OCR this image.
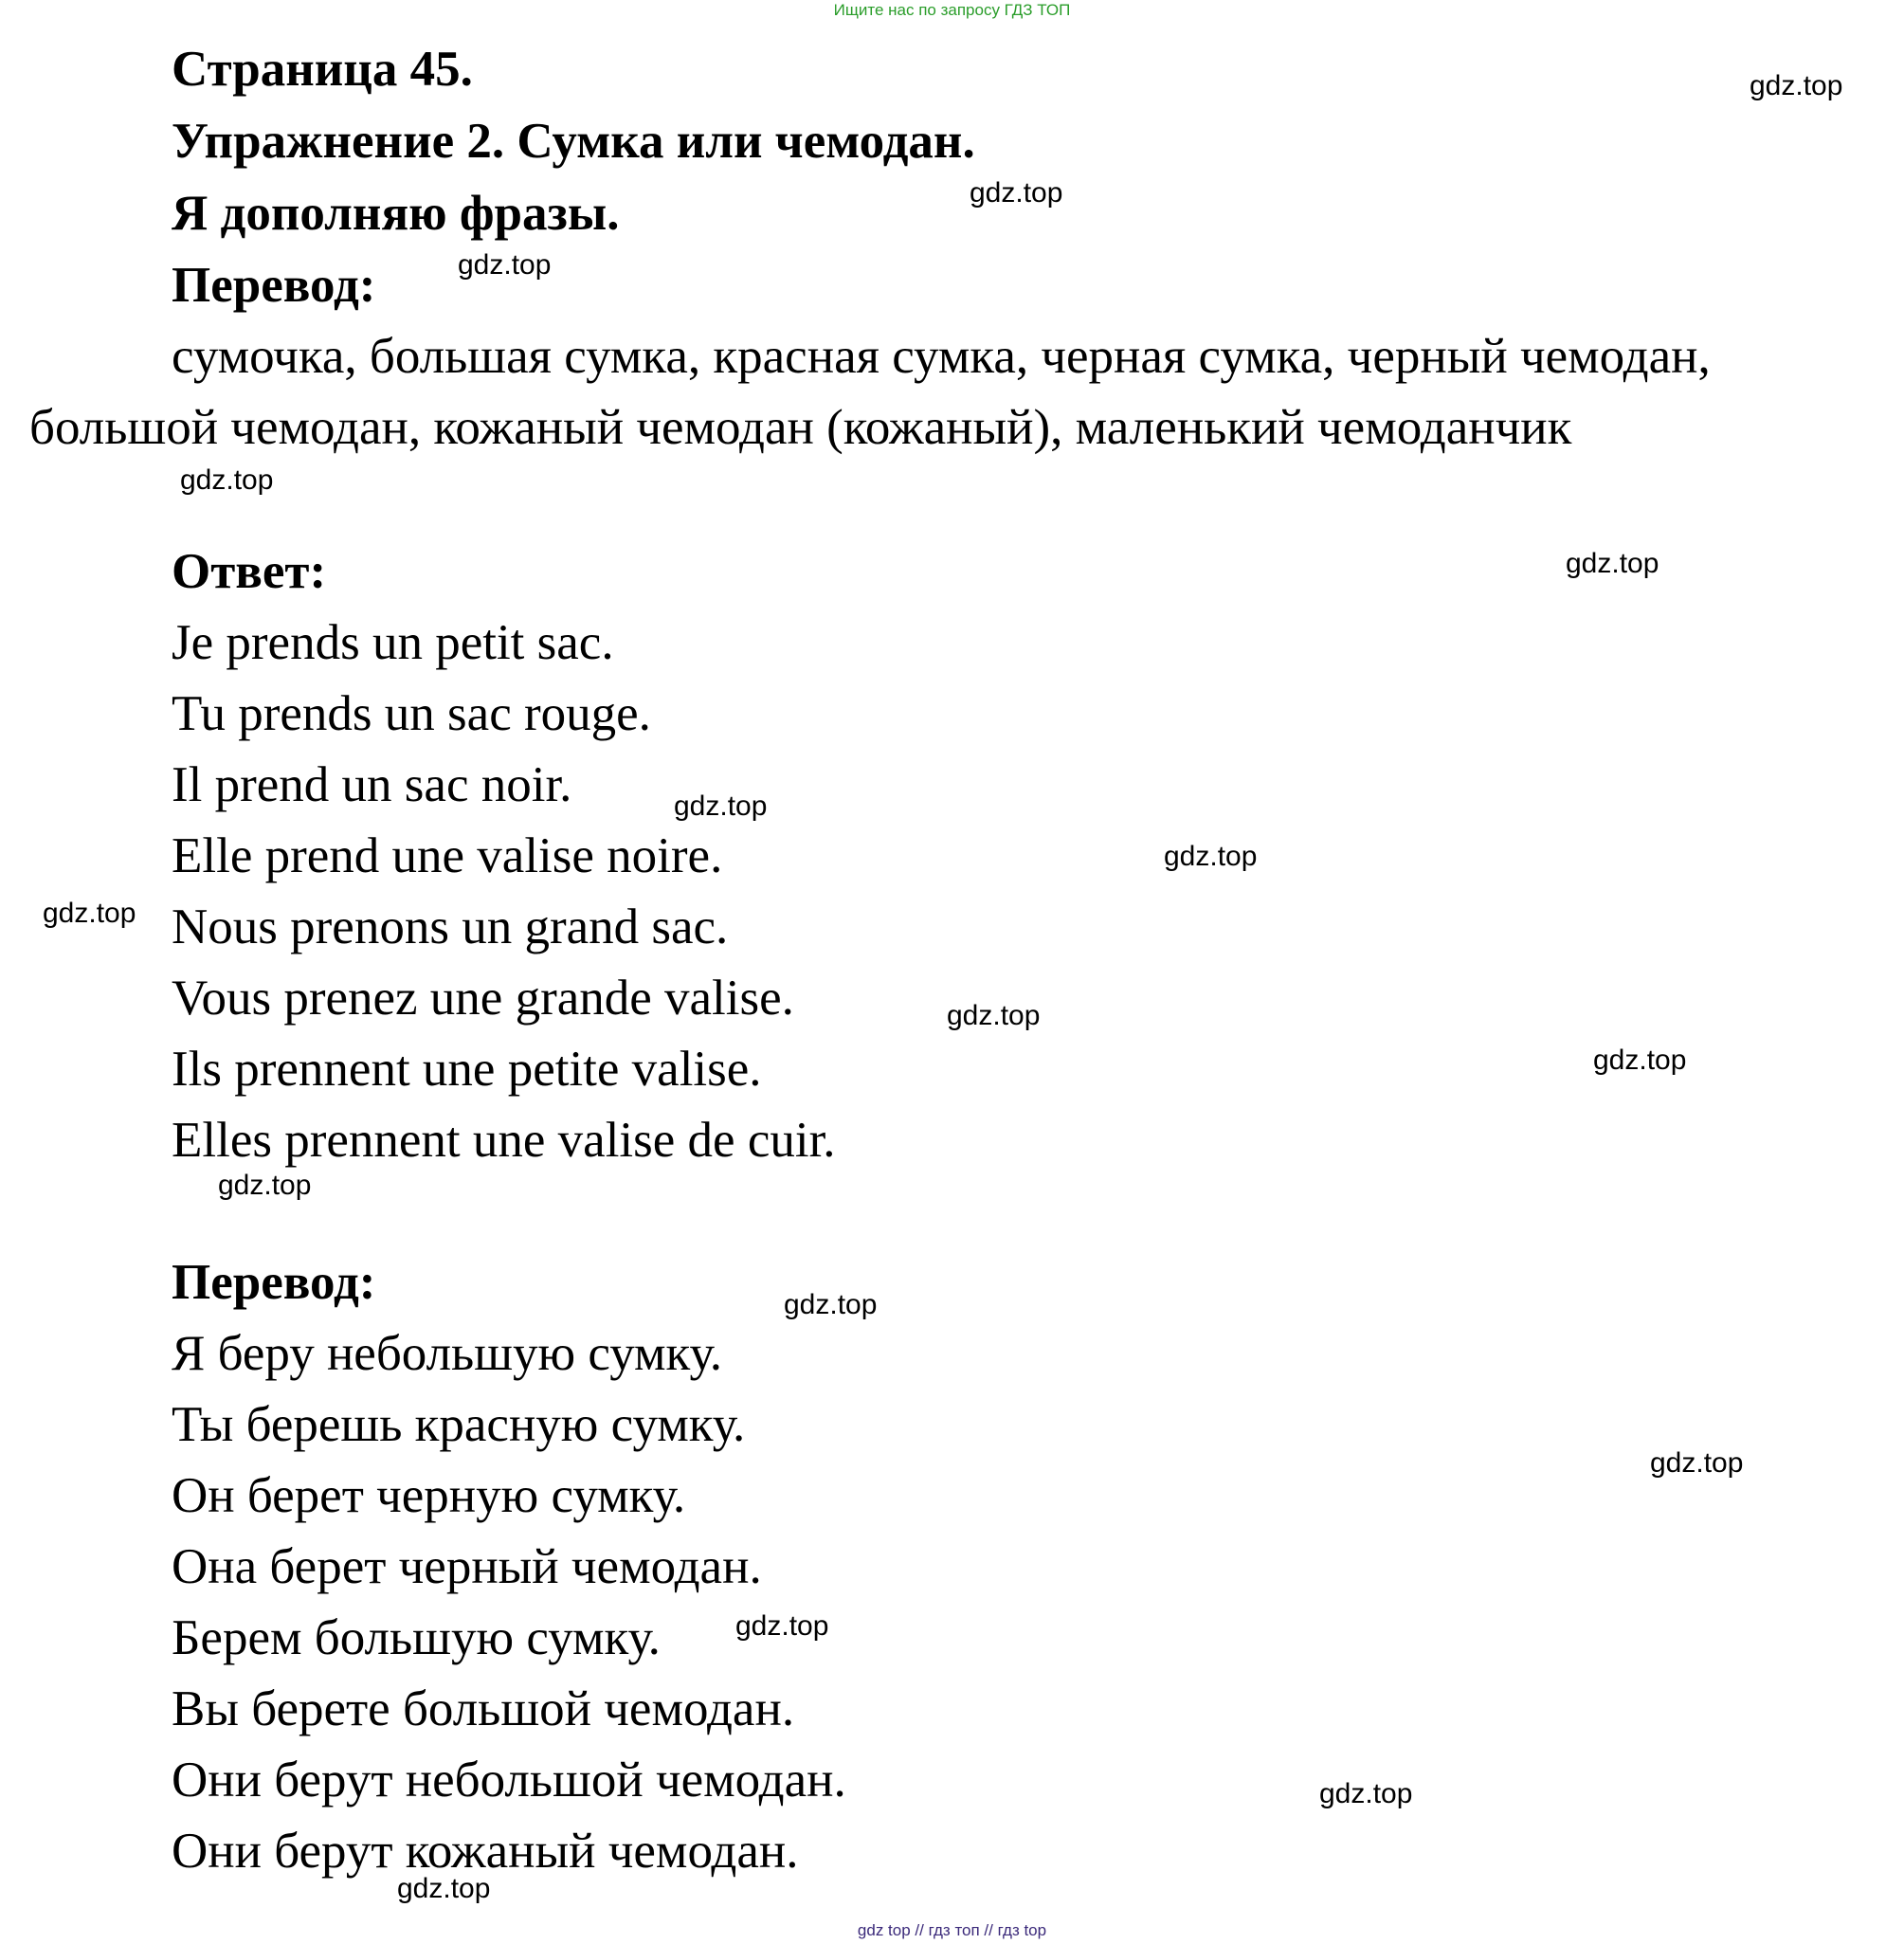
Ищите нас по запросу ГДЗ ТОП
Страница 45.
Упражнение 2. Сумка или чемодан.
Я дополняю фразы.
Перевод:
сумочка, большая сумка, красная сумка, черная сумка, черный чемодан,
большой чемодан, кожаный чемодан (кожаный), маленький чемоданчик
Ответ:
Je prends un petit sac.
Tu prends un sac rouge.
Il prend un sac noir.
Elle prend une valise noire.
Nous prenons un grand sac.
Vous prenez une grande valise.
Ils prennent une petite valise.
Elles prennent une valise de cuir.
Перевод:
Я беру небольшую сумку.
Ты берешь красную сумку.
Он берет черную сумку.
Она берет черный чемодан.
Берем большую сумку.
Вы берете большой чемодан.
Они берут небольшой чемодан.
Они берут кожаный чемодан.
gdz.top
gdz.top
gdz.top
gdz.top
gdz.top
gdz.top
gdz.top
gdz.top
gdz.top
gdz.top
gdz.top
gdz.top
gdz.top
gdz.top
gdz.top
gdz.top
gdz top // гдз топ // гдз top
